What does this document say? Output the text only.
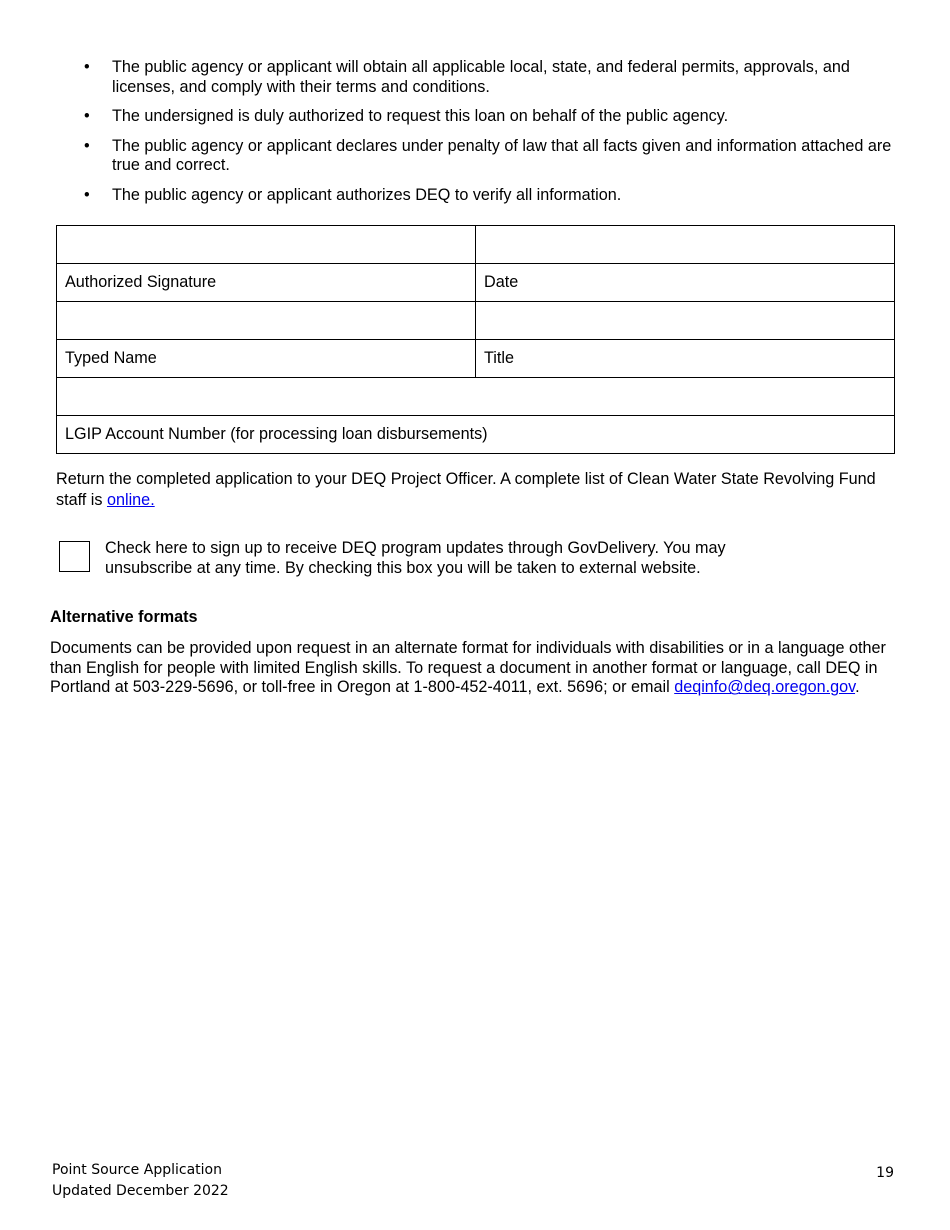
•	The public agency or applicant will obtain all applicable local, state, and federal permits, approvals, and licenses, and comply with their terms and conditions.
•	The undersigned is duly authorized to request this loan on behalf of the public agency.
•	The public agency or applicant declares under penalty of law that all facts given and information attached are true and correct.
•	The public agency or applicant authorizes DEQ to verify all information.

Authorized Signature	Date

Typed Name	Title

LGIP Account Number (for processing loan disbursements)	

Return the completed application to your DEQ Project Officer. A complete list of Clean Water State Revolving Fund staff is online.

Check here to sign up to receive DEQ program updates through GovDelivery. You may unsubscribe at any time. By checking this box you will be taken to external website.

Alternative formats

Documents can be provided upon request in an alternate format for individuals with disabilities or in a language other than English for people with limited English skills. To request a document in another format or language, call DEQ in Portland at 503-229-5696, or toll-free in Oregon at 1-800-452-4011, ext. 5696; or email deqinfo@deq.oregon.gov.

Point Source Application
Updated December 2022
19
